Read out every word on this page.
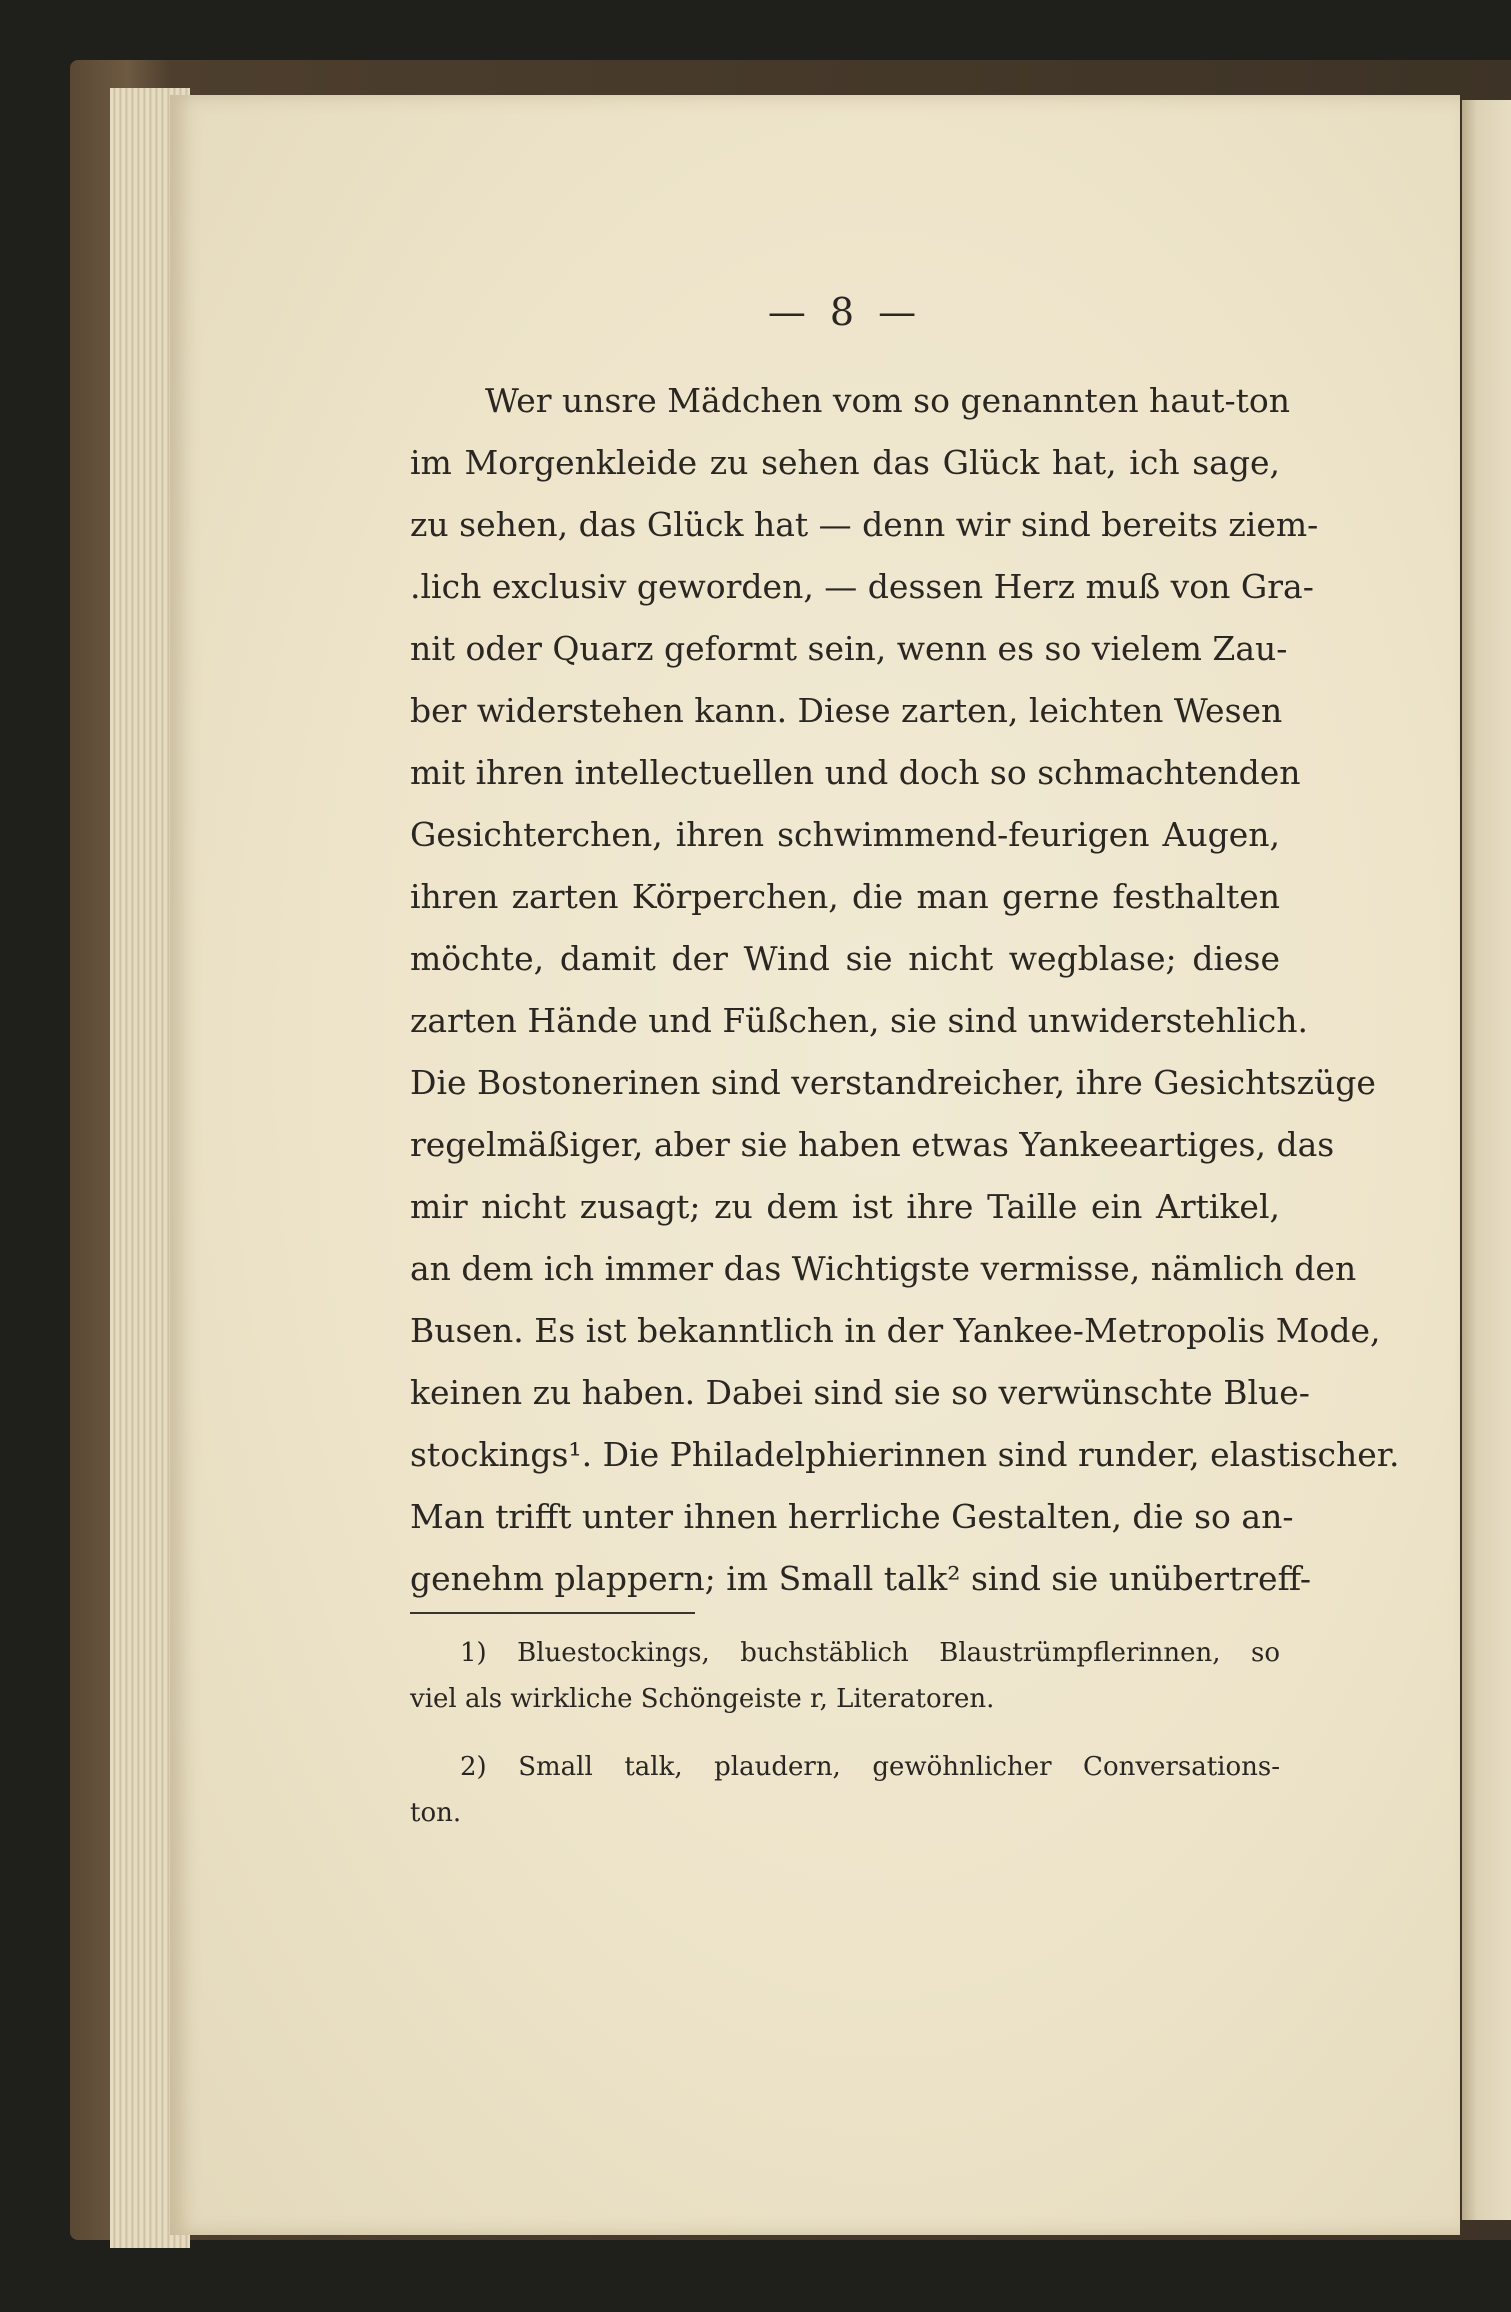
— 8 —
Wer unsre Mädchen vom so genannten haut-ton
im Morgenkleide zu sehen das Glück hat, ich sage,
zu sehen, das Glück hat — denn wir sind bereits ziem-
.lich exclusiv geworden, — dessen Herz muß von Gra-
nit oder Quarz geformt sein, wenn es so vielem Zau-
ber widerstehen kann. Diese zarten, leichten Wesen
mit ihren intellectuellen und doch so schmachtenden
Gesichterchen, ihren schwimmend-feurigen Augen,
ihren zarten Körperchen, die man gerne festhalten
möchte, damit der Wind sie nicht wegblase; diese
zarten Hände und Füßchen, sie sind unwiderstehlich.
Die Bostonerinen sind verstandreicher, ihre Gesichtszüge
regelmäßiger, aber sie haben etwas Yankeeartiges, das
mir nicht zusagt; zu dem ist ihre Taille ein Artikel,
an dem ich immer das Wichtigste vermisse, nämlich den
Busen. Es ist bekanntlich in der Yankee-Metropolis Mode,
keinen zu haben. Dabei sind sie so verwünschte Blue-
stockings¹. Die Philadelphierinnen sind runder, elastischer.
Man trifft unter ihnen herrliche Gestalten, die so an-
genehm plappern; im Small talk² sind sie unübertreff-
1) Bluestockings, buchstäblich Blaustrümpflerinnen, so
viel als wirkliche Schöngeiste r, Literatoren.
2) Small talk, plaudern, gewöhnlicher Conversations-
ton.
